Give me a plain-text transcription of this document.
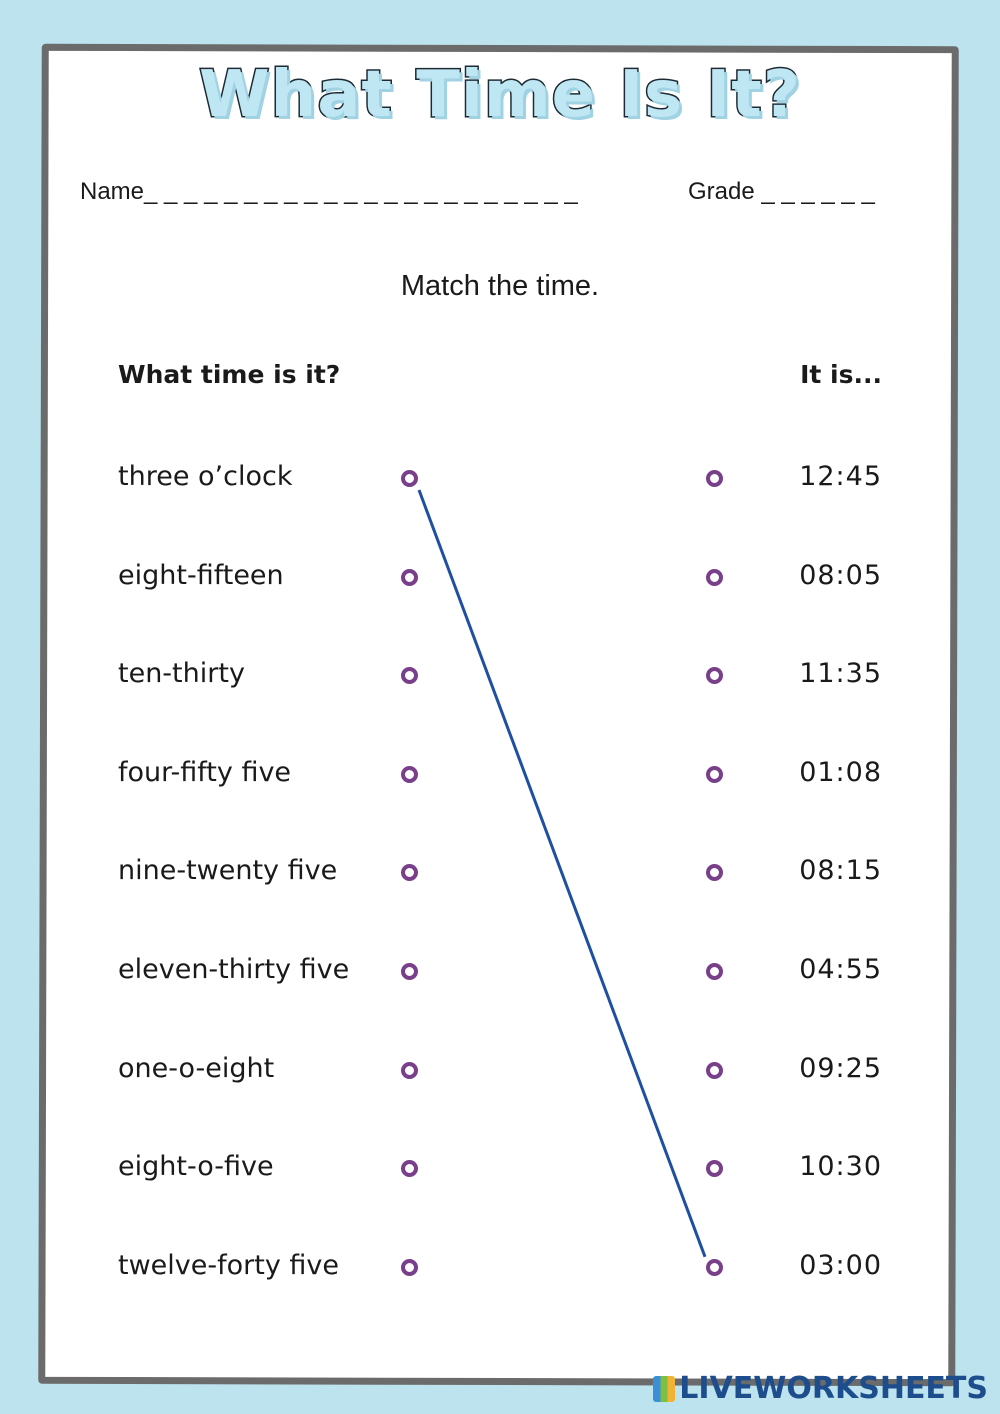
What Time Is It?
Name_ _ _ _ _ _ _ _ _ _ _ _ _ _ _ _ _ _ _ _ _ _	Grade _ _ _ _ _ _
Match the time.
What time is it?	It is...
three o’clock
eight-fifteen
ten-thirty
four-fifty five
nine-twenty five
eleven-thirty five
one-o-eight
eight-o-five
twelve-forty five
12:45
08:05
11:35
01:08
08:15
04:55
09:25
10:30
03:00
LIVEWORKSHEETS
